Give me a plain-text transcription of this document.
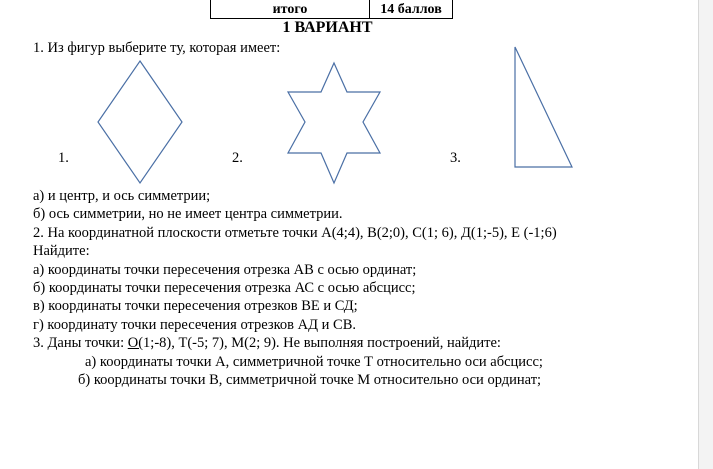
итого	14 баллов
1 ВАРИАНТ
1. Из фигур выберите ту, которая имеет:
1.	2.	3.
а) и центр, и ось симметрии;
б) ось симметрии, но не имеет центра симметрии.
2. На координатной плоскости отметьте точки А(4;4), В(2;0), С(1; 6), Д(1;-5), Е (-1;6)
Найдите:
а) координаты точки пересечения отрезка АВ с осью ординат;
б) координаты точки пересечения отрезка АС с осью абсцисс;
в) координаты точки пересечения отрезков ВЕ и СД;
г) координату точки пересечения отрезков АД и СВ.
3. Даны точки: О(1;-8), Т(-5; 7), М(2; 9). Не выполняя построений, найдите:
а) координаты точки А, симметричной точке Т относительно оси абсцисс;
б) координаты точки В, симметричной точке М относительно оси ординат;
